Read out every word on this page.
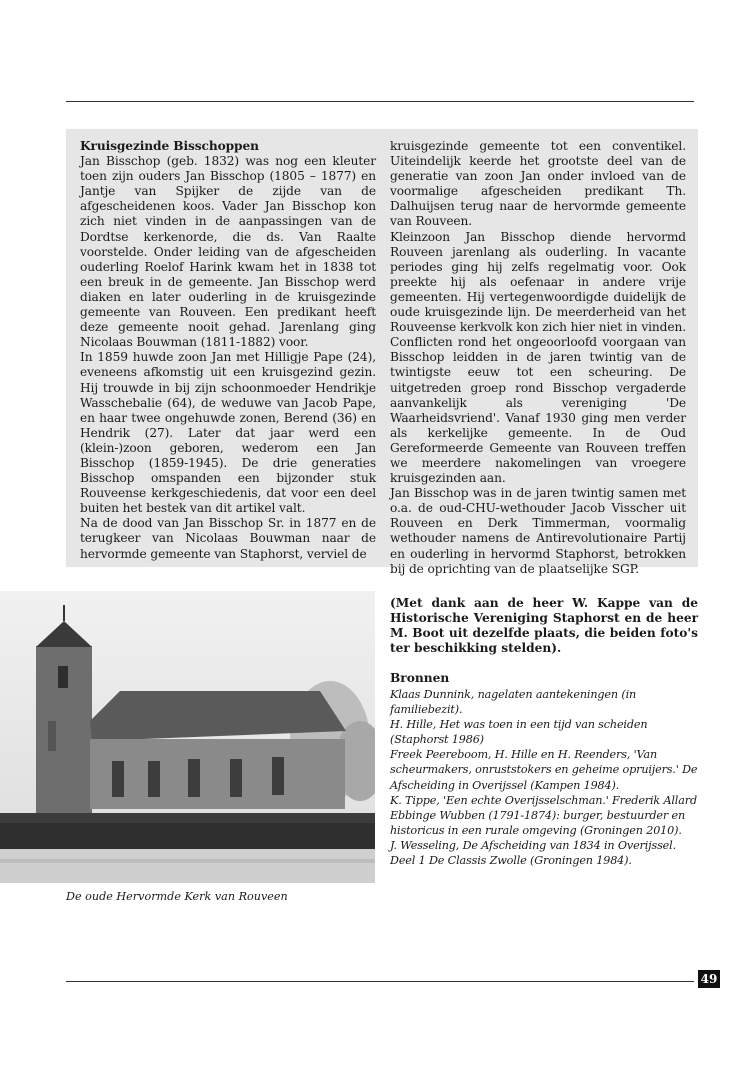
Kruisgezinde Bisschoppen

Jan Bisschop (geb. 1832) was nog een kleuter toen zijn ouders Jan Bisschop (1805 – 1877) en Jantje van Spijker de zijde van de afgescheidenen koos. Vader Jan Bisschop kon zich niet vinden in de aanpassingen van de Dordtse kerkenorde, die ds. Van Raalte voorstelde. Onder leiding van de afgescheiden ouderling Roelof Harink kwam het in 1838 tot een breuk in de gemeente. Jan Bisschop werd diaken en later ouderling in de kruisgezinde gemeente van Rouveen. Een predikant heeft deze gemeente nooit gehad. Jarenlang ging Nicolaas Bouwman (1811-1882) voor.

In 1859 huwde zoon Jan met Hilligje Pape (24), eveneens afkomstig uit een kruisgezind gezin. Hij trouwde in bij zijn schoonmoeder Hendrikje Wasschebalie (64), de weduwe van Jacob Pape, en haar twee ongehuwde zonen, Berend (36) en Hendrik (27). Later dat jaar werd een (klein-)zoon geboren, wederom een Jan Bisschop (1859-1945). De drie generaties Bisschop omspanden een bijzonder stuk Rouveense kerkgeschiedenis, dat voor een deel buiten het bestek van dit artikel valt.

Na de dood van Jan Bisschop Sr. in 1877 en de terugkeer van Nicolaas Bouwman naar de hervormde gemeente van Staphorst, verviel de

kruisgezinde gemeente tot een conventikel. Uiteindelijk keerde het grootste deel van de generatie van zoon Jan onder invloed van de voormalige afgescheiden predikant Th. Dalhuijsen terug naar de hervormde gemeente van Rouveen.

Kleinzoon Jan Bisschop diende hervormd Rouveen jarenlang als ouderling. In vacante periodes ging hij zelfs regelmatig voor. Ook preekte hij als oefenaar in andere vrije gemeenten. Hij vertegenwoordigde duidelijk de oude kruisgezinde lijn. De meerderheid van het Rouveense kerkvolk kon zich hier niet in vinden. Conflicten rond het ongeoorloofd voorgaan van Bisschop leidden in de jaren twintig van de twintigste eeuw tot een scheuring. De uitgetreden groep rond Bisschop vergaderde aanvankelijk als vereniging 'De Waarheidsvriend'. Vanaf 1930 ging men verder als kerkelijke gemeente. In de Oud Gereformeerde Gemeente van Rouveen treffen we meerdere nakomelingen van vroegere kruisgezinden aan.

Jan Bisschop was in de jaren twintig samen met o.a. de oud-CHU-wethouder Jacob Visscher uit Rouveen en Derk Timmerman, voormalig wethouder namens de Antirevolutionaire Partij en ouderling in hervormd Staphorst, betrokken bij de oprichting van de plaatselijke SGP.

De oude Hervormde Kerk van Rouveen

(Met dank aan de heer W. Kappe van de Historische Vereniging Staphorst en de heer M. Boot uit dezelfde plaats, die beiden foto's ter beschikking stelden).

Bronnen

Klaas Dunnink, nagelaten aantekeningen (in familiebezit).
H. Hille, Het was toen in een tijd van scheiden (Staphorst 1986)
Freek Peereboom, H. Hille en H. Reenders, 'Van scheurmakers, onruststokers en geheime opruijers.' De Afscheiding in Overijssel (Kampen 1984).
K. Tippe, 'Een echte Overijsselschman.' Frederik Allard Ebbinge Wubben (1791-1874): burger, bestuurder en historicus in een rurale omgeving (Groningen 2010).
J. Wesseling, De Afscheiding van 1834 in Overijssel. Deel 1 De Classis Zwolle (Groningen 1984).
49
